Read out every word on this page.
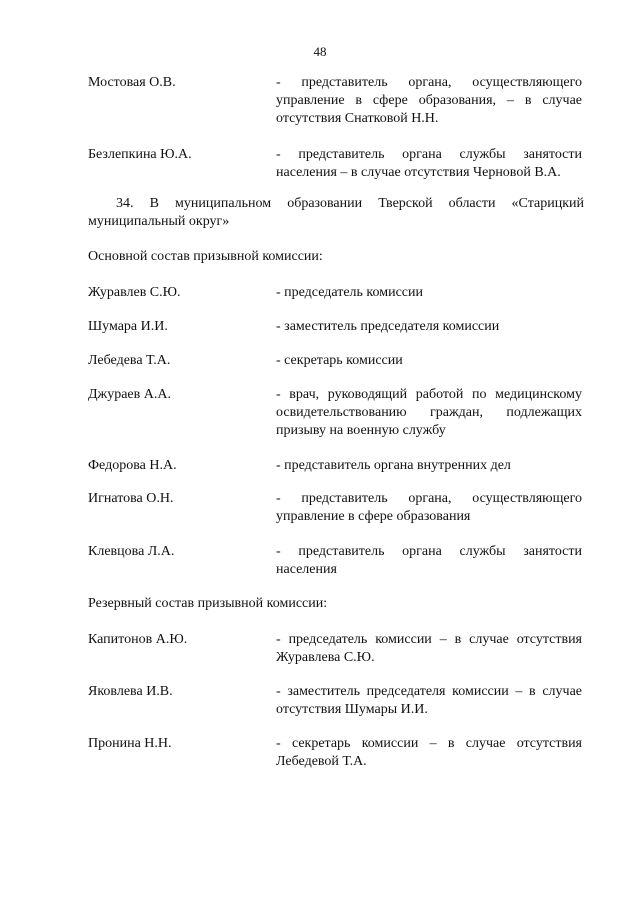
48
Мостовая О.В.	- представитель органа, осуществляющего управление в сфере образования, – в случае отсутствия Снатковой Н.Н.
Безлепкина Ю.А.	- представитель органа службы занятости населения – в случае отсутствия Черновой В.А.
34. В муниципальном образовании Тверской области «Старицкий муниципальный округ»
Основной состав призывной комиссии:
Журавлев С.Ю.	- председатель комиссии
Шумара И.И.	- заместитель председателя комиссии
Лебедева Т.А.	- секретарь комиссии
Джураев А.А.	- врач, руководящий работой по медицинскому освидетельствованию граждан, подлежащих призыву на военную службу
Федорова Н.А.	- представитель органа внутренних дел
Игнатова О.Н.	- представитель органа, осуществляющего управление в сфере образования
Клевцова Л.А.	- представитель органа службы занятости населения
Резервный состав призывной комиссии:
Капитонов А.Ю.	- председатель комиссии – в случае отсутствия Журавлева С.Ю.
Яковлева И.В.	- заместитель председателя комиссии – в случае отсутствия Шумары И.И.
Пронина Н.Н.	- секретарь комиссии – в случае отсутствия Лебедевой Т.А.
